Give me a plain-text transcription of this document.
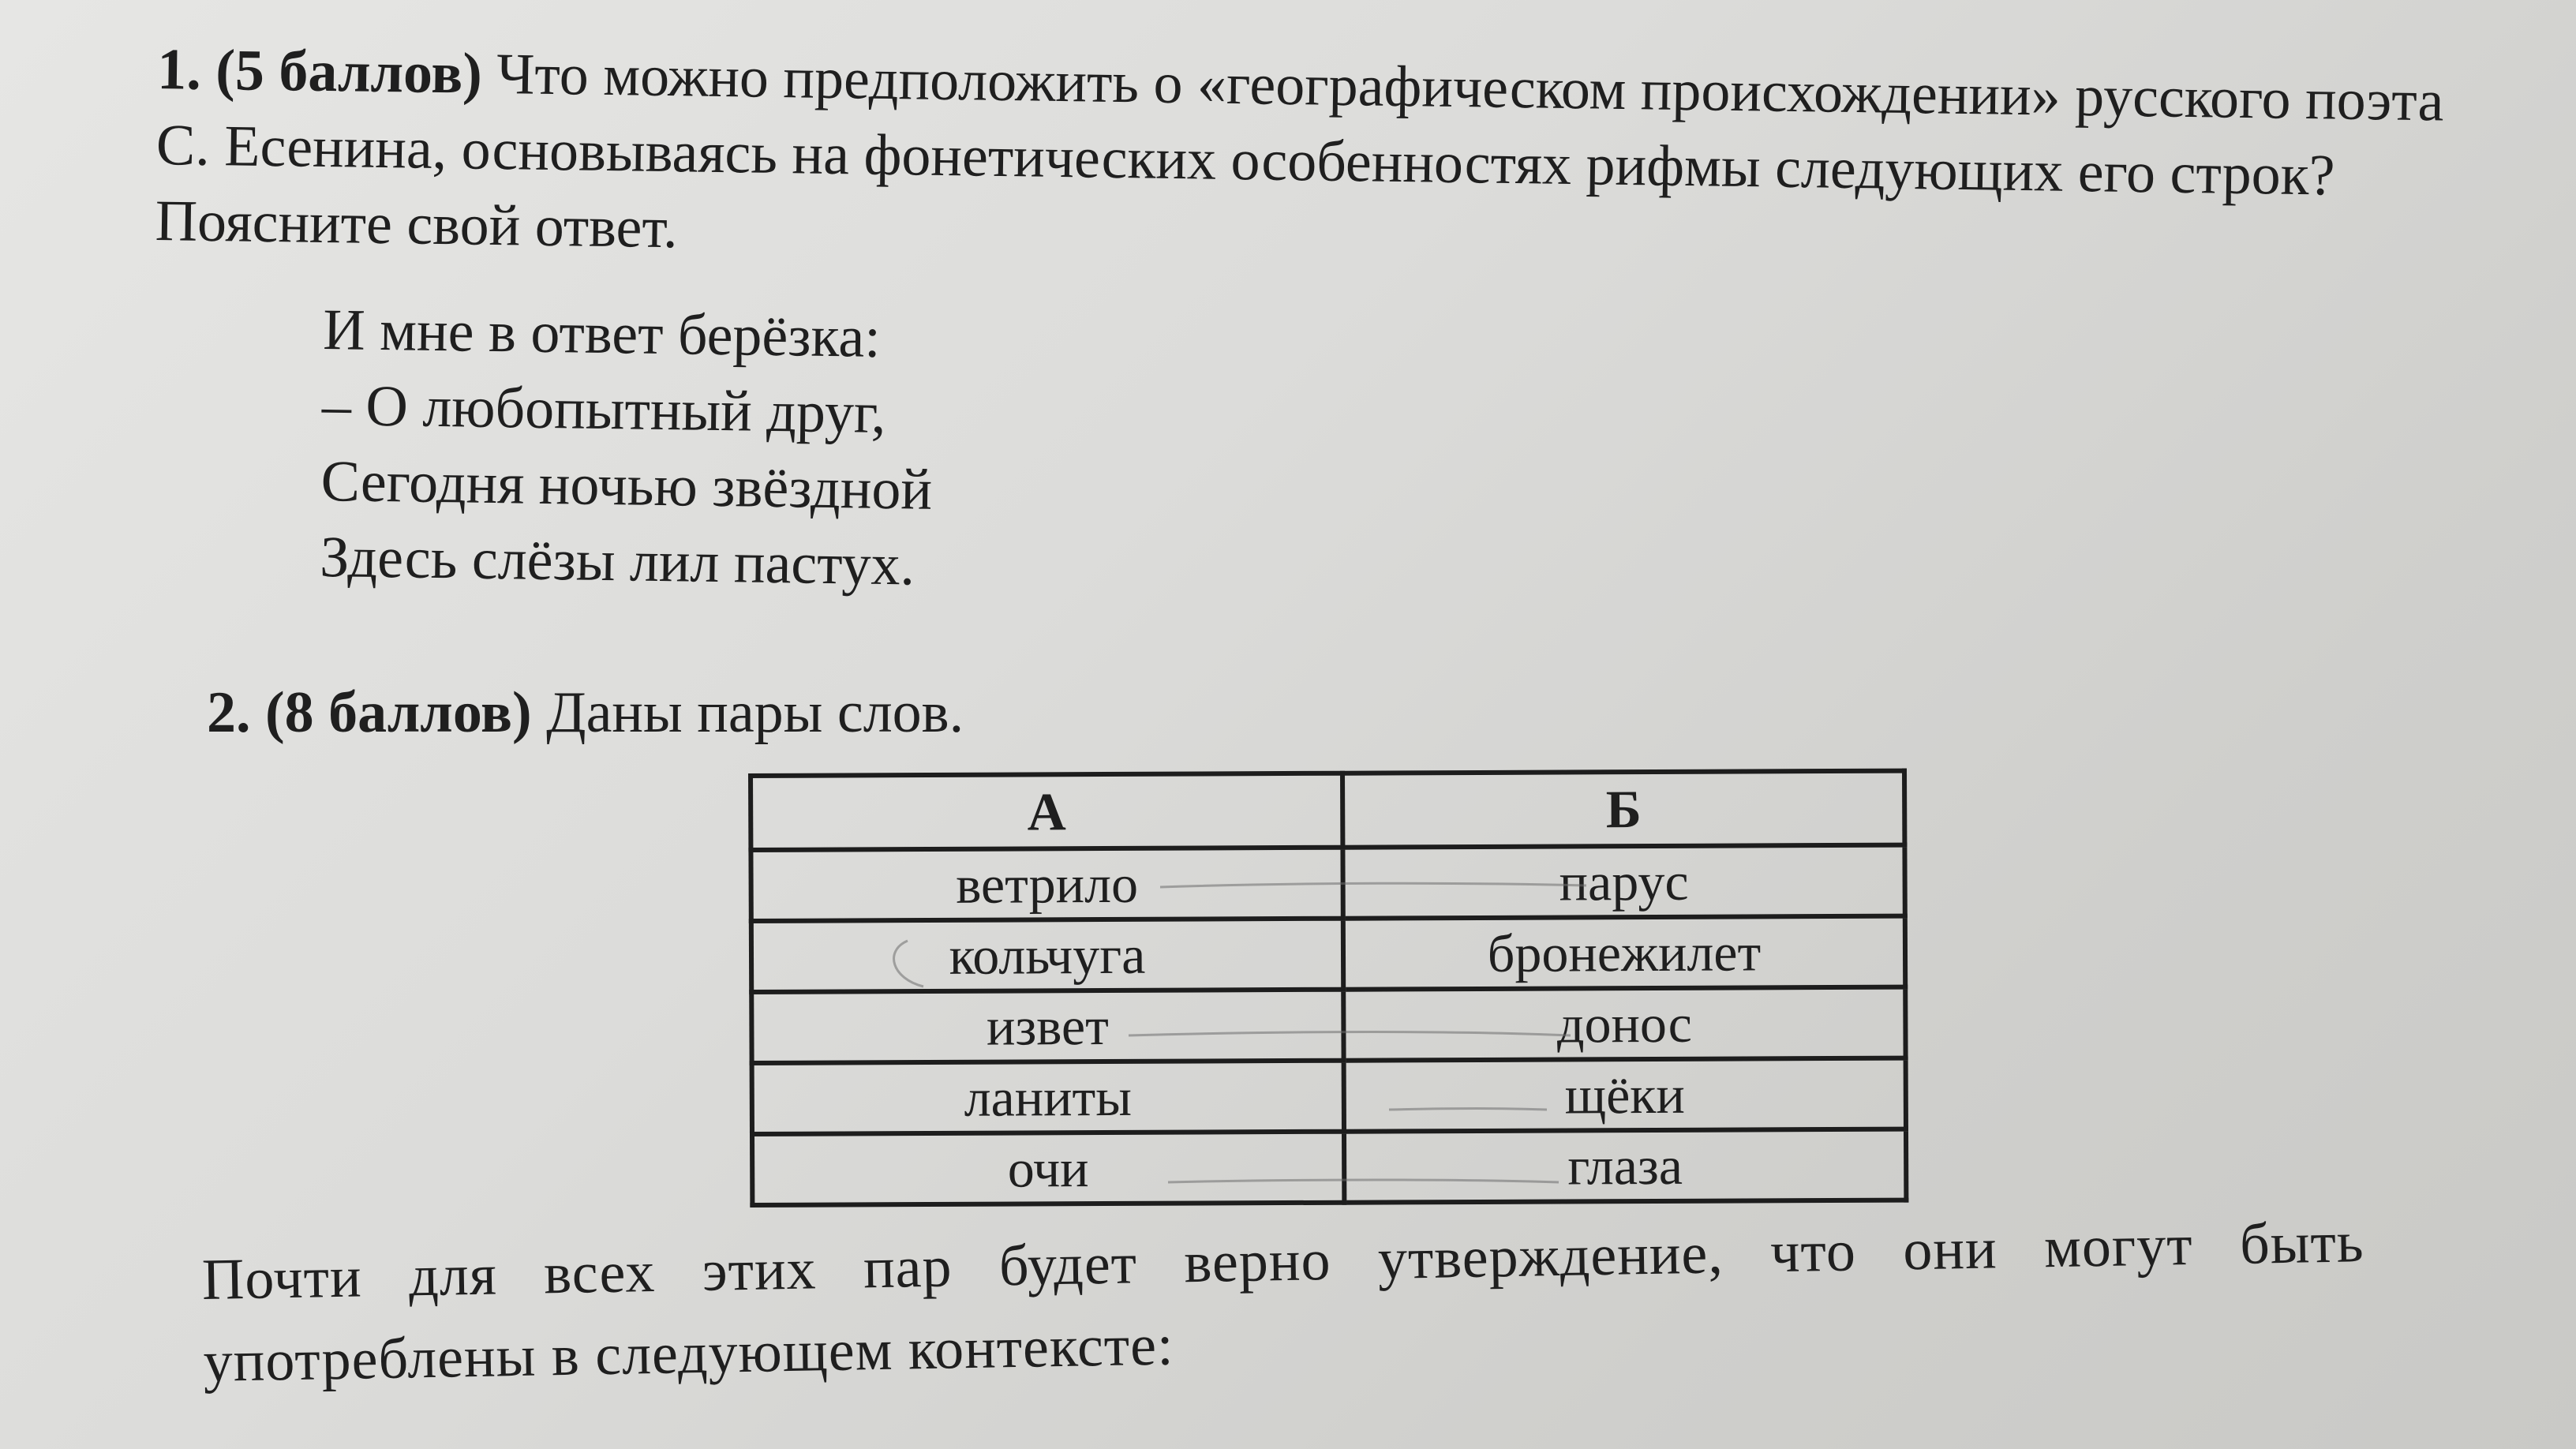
1. (5 баллов) Что можно предположить о «географическом происхождении» русского поэта С. Есенина, основываясь на фонетических особенностях рифмы следующих его строк? Поясните свой ответ.
И мне в ответ берёзка:
– О любопытный друг,
Сегодня ночью звёздной
Здесь слёзы лил пастух.
2. (8 баллов) Даны пары слов.
А	Б
ветрило	парус
кольчуга	бронежилет
извет	донос
ланиты	щёки
очи	глаза
Почти для всех этих пар будет верно утверждение, что они могут быть
употреблены в следующем контексте:
